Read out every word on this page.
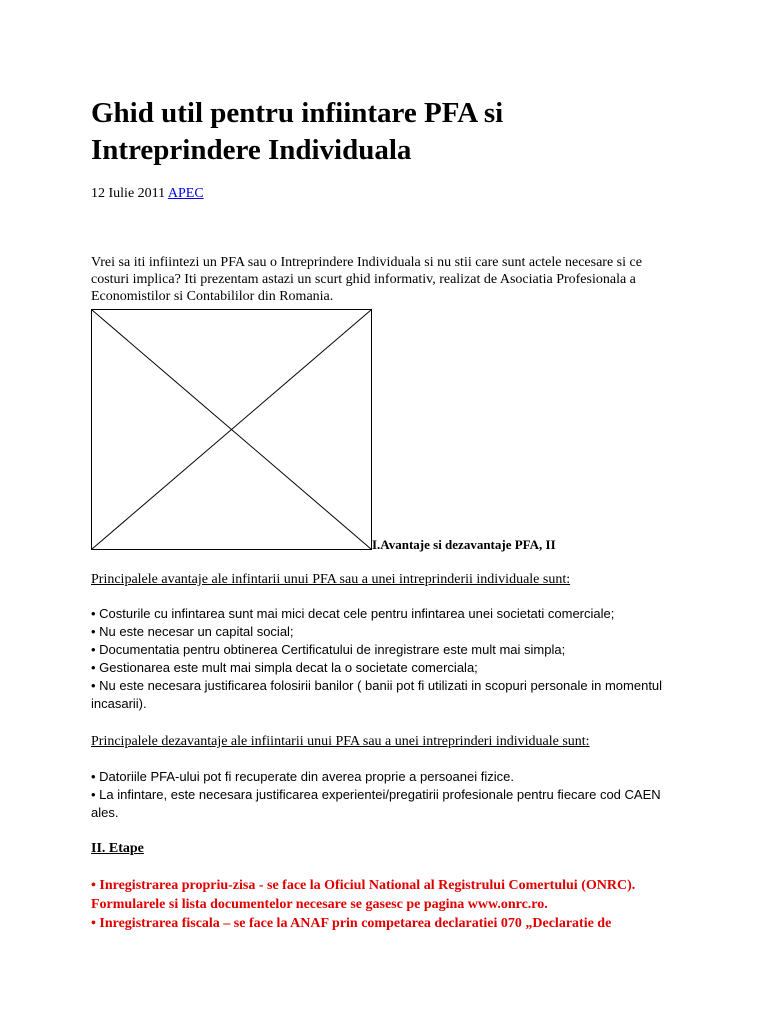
Ghid util pentru infiintare PFA si Intreprindere Individuala
12 Iulie 2011 APEC

Vrei sa iti infiintezi un PFA sau o Intreprindere Individuala si nu stii care sunt actele necesare si ce costuri implica? Iti prezentam astazi un scurt ghid informativ, realizat de Asociatia Profesionala a Economistilor si Contabililor din Romania.

I.Avantaje si dezavantaje PFA, II

Principalele avantaje ale infintarii unui PFA sau a unei intreprinderii individuale sunt:

• Costurile cu infintarea sunt mai mici decat cele pentru infintarea unei societati comerciale;
• Nu este necesar un capital social;
• Documentatia pentru obtinerea Certificatului de inregistrare este mult mai simpla;
• Gestionarea este mult mai simpla decat la o societate comerciala;
• Nu este necesara justificarea folosirii banilor ( banii pot fi utilizati in scopuri personale in momentul incasarii).

Principalele dezavantaje ale infiintarii unui PFA sau a unei intreprinderi individuale sunt:

• Datoriile PFA-ului pot fi recuperate din averea proprie a persoanei fizice.
• La infintare, este necesara justificarea experientei/pregatirii profesionale pentru fiecare cod CAEN ales.
II. Etape
• Inregistrarea propriu-zisa - se face la Oficiul National al Registrului Comertului (ONRC). Formularele si lista documentelor necesare se gasesc pe pagina www.onrc.ro.
• Inregistrarea fiscala – se face la ANAF prin competarea declaratiei 070 „Declaratie de
